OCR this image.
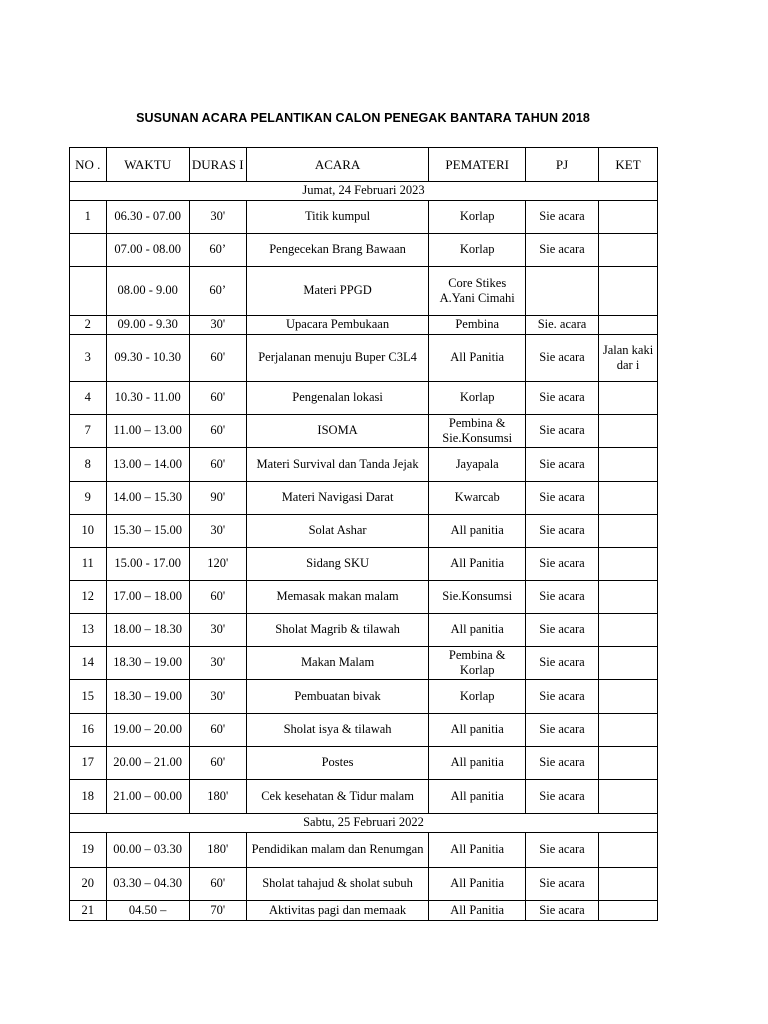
SUSUNAN ACARA PELANTIKAN CALON PENEGAK BANTARA TAHUN 2018
NO .	WAKTU	DURAS I	ACARA	PEMATERI	PJ	KET
Jumat, 24 Februari 2023						
1	06.30 - 07.00	30'	Titik kumpul	Korlap	Sie acara	
	07.00 - 08.00	60’	Pengecekan Brang Bawaan	Korlap	Sie acara	
	08.00 - 9.00	60’	Materi PPGD	Core Stikes A.Yani Cimahi		
2	09.00 - 9.30	30'	Upacara Pembukaan	Pembina	Sie. acara	
3	09.30 - 10.30	60'	Perjalanan menuju Buper C3L4	All Panitia	Sie acara	Jalan kaki dar i
4	10.30 - 11.00	60'	Pengenalan lokasi	Korlap	Sie acara	
7	11.00 – 13.00	60'	ISOMA	Pembina & Sie.Konsumsi	Sie acara	
8	13.00 – 14.00	60'	Materi Survival dan Tanda Jejak	Jayapala	Sie acara	
9	14.00 – 15.30	90'	Materi Navigasi Darat	Kwarcab	Sie acara	
10	15.30 – 15.00	30'	Solat Ashar	All panitia	Sie acara	
11	15.00 - 17.00	120'	Sidang SKU	All Panitia	Sie acara	
12	17.00 – 18.00	60'	Memasak makan malam	Sie.Konsumsi	Sie acara	
13	18.00 – 18.30	30'	Sholat Magrib & tilawah	All panitia	Sie acara	
14	18.30 – 19.00	30'	Makan Malam	Pembina & Korlap	Sie acara	
15	18.30 – 19.00	30'	Pembuatan bivak	Korlap	Sie acara	
16	19.00 – 20.00	60'	Sholat isya & tilawah	All panitia	Sie acara	
17	20.00 – 21.00	60'	Postes	All panitia	Sie acara	
18	21.00 – 00.00	180'	Cek kesehatan & Tidur malam	All panitia	Sie acara	
Sabtu, 25 Februari 2022						
19	00.00 – 03.30	180'	Pendidikan malam dan Renumgan	All Panitia	Sie acara	
20	03.30 – 04.30	60'	Sholat tahajud & sholat subuh	All Panitia	Sie acara	
21	04.50 –	70'	Aktivitas pagi dan memaak	All Panitia	Sie acara	
